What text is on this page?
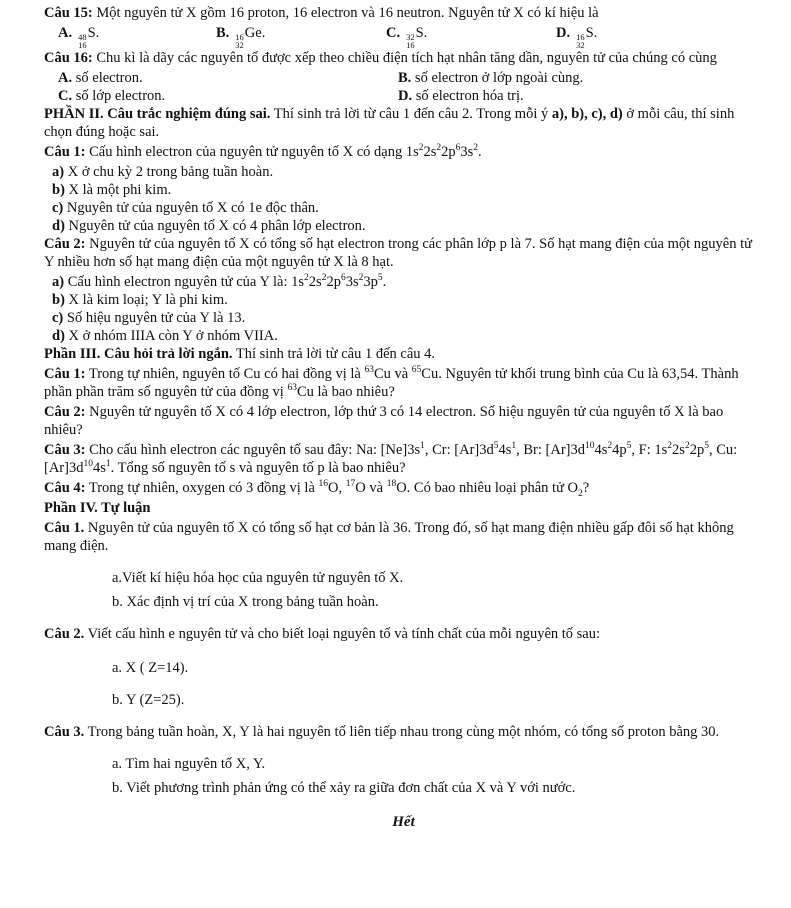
Câu 15: Một nguyên tử X gồm 16 proton, 16 electron và 16 neutron. Nguyên tử X có kí hiệu là

A. 48
16
S.	B. 16
32
Ge.	C. 32
16
S.	D. 16
32
S.

Câu 16: Chu kì là dãy các nguyên tố được xếp theo chiều điện tích hạt nhân tăng dần, nguyên tử của chúng có cùng

A. số electron.	B. số electron ở lớp ngoài cùng.
C. số lớp electron.	D. số electron hóa trị.

PHẦN II. Câu trắc nghiệm đúng sai. Thí sinh trả lời từ câu 1 đến câu 2. Trong mỗi ý a), b), c), d) ở mỗi câu, thí sinh chọn đúng hoặc sai.

Câu 1: Cấu hình electron của nguyên tử nguyên tố X có dạng $1s^22s^22p^63s^2$.

a) X ở chu kỳ 2 trong bảng tuần hoàn.

b) X là một phi kim.

c) Nguyên tử của nguyên tố X có 1e độc thân.

d) Nguyên tử của nguyên tố X có 4 phân lớp electron.

Câu 2: Nguyên tử của nguyên tố X có tổng số hạt electron trong các phân lớp p là 7. Số hạt mang điện của một nguyên tử Y nhiều hơn số hạt mang điện của một nguyên tử X là 8 hạt.

a) Cấu hình electron nguyên tử của Y là: $1s^22s^22p^63s^23p^5$.

b) X là kim loại; Y là phi kim.

c) Số hiệu nguyên tử của Y là 13.

d) X ở nhóm IIIA còn Y ở nhóm VIIA.

Phần III. Câu hỏi trả lời ngắn. Thí sinh trả lời từ câu 1 đến câu 4.

Câu 1: Trong tự nhiên, nguyên tố Cu có hai đồng vị là $^{63}$Cu và $^{65}$Cu. Nguyên tử khối trung bình của Cu là 63,54. Thành phần phần trăm số nguyên tử của đồng vị $^{63}$Cu là bao nhiêu?

Câu 2: Nguyên tử nguyên tố X có 4 lớp electron, lớp thứ 3 có 14 electron. Số hiệu nguyên tử của nguyên tố X là bao nhiêu?

Câu 3: Cho cấu hình electron các nguyên tố sau đây: Na: $[Ne]3s^1$, Cr: $[Ar]3d^54s^1$, Br: $[Ar]3d^{10}4s^24p^5$, F: $1s^22s^22p^5$, Cu: $[Ar]3d^{10}4s^1$. Tổng số nguyên tố s và nguyên tố p là bao nhiêu?

Câu 4: Trong tự nhiên, oxygen có 3 đồng vị là $^{16}$O, $^{17}$O và $^{18}$O. Có bao nhiêu loại phân tử $O_2$?

Phần IV. Tự luận

Câu 1. Nguyên tử của nguyên tố X có tổng số hạt cơ bản là 36. Trong đó, số hạt mang điện nhiều gấp đôi số hạt không mang điện.

a.Viết kí hiệu hóa học của nguyên tử nguyên tố X.

b. Xác định vị trí của X trong bảng tuần hoàn.

Câu 2. Viết cấu hình e nguyên tử và cho biết loại nguyên tố và tính chất của mỗi nguyên tố sau:

a. X ( Z=14).

b. Y (Z=25).

Câu 3. Trong bảng tuần hoàn, X, Y là hai nguyên tố liên tiếp nhau trong cùng một nhóm, có tổng số proton bằng 30.

a. Tìm hai nguyên tố X, Y.

b. Viết phương trình phản ứng có thể xảy ra giữa đơn chất của X và Y với nước.

Hết
